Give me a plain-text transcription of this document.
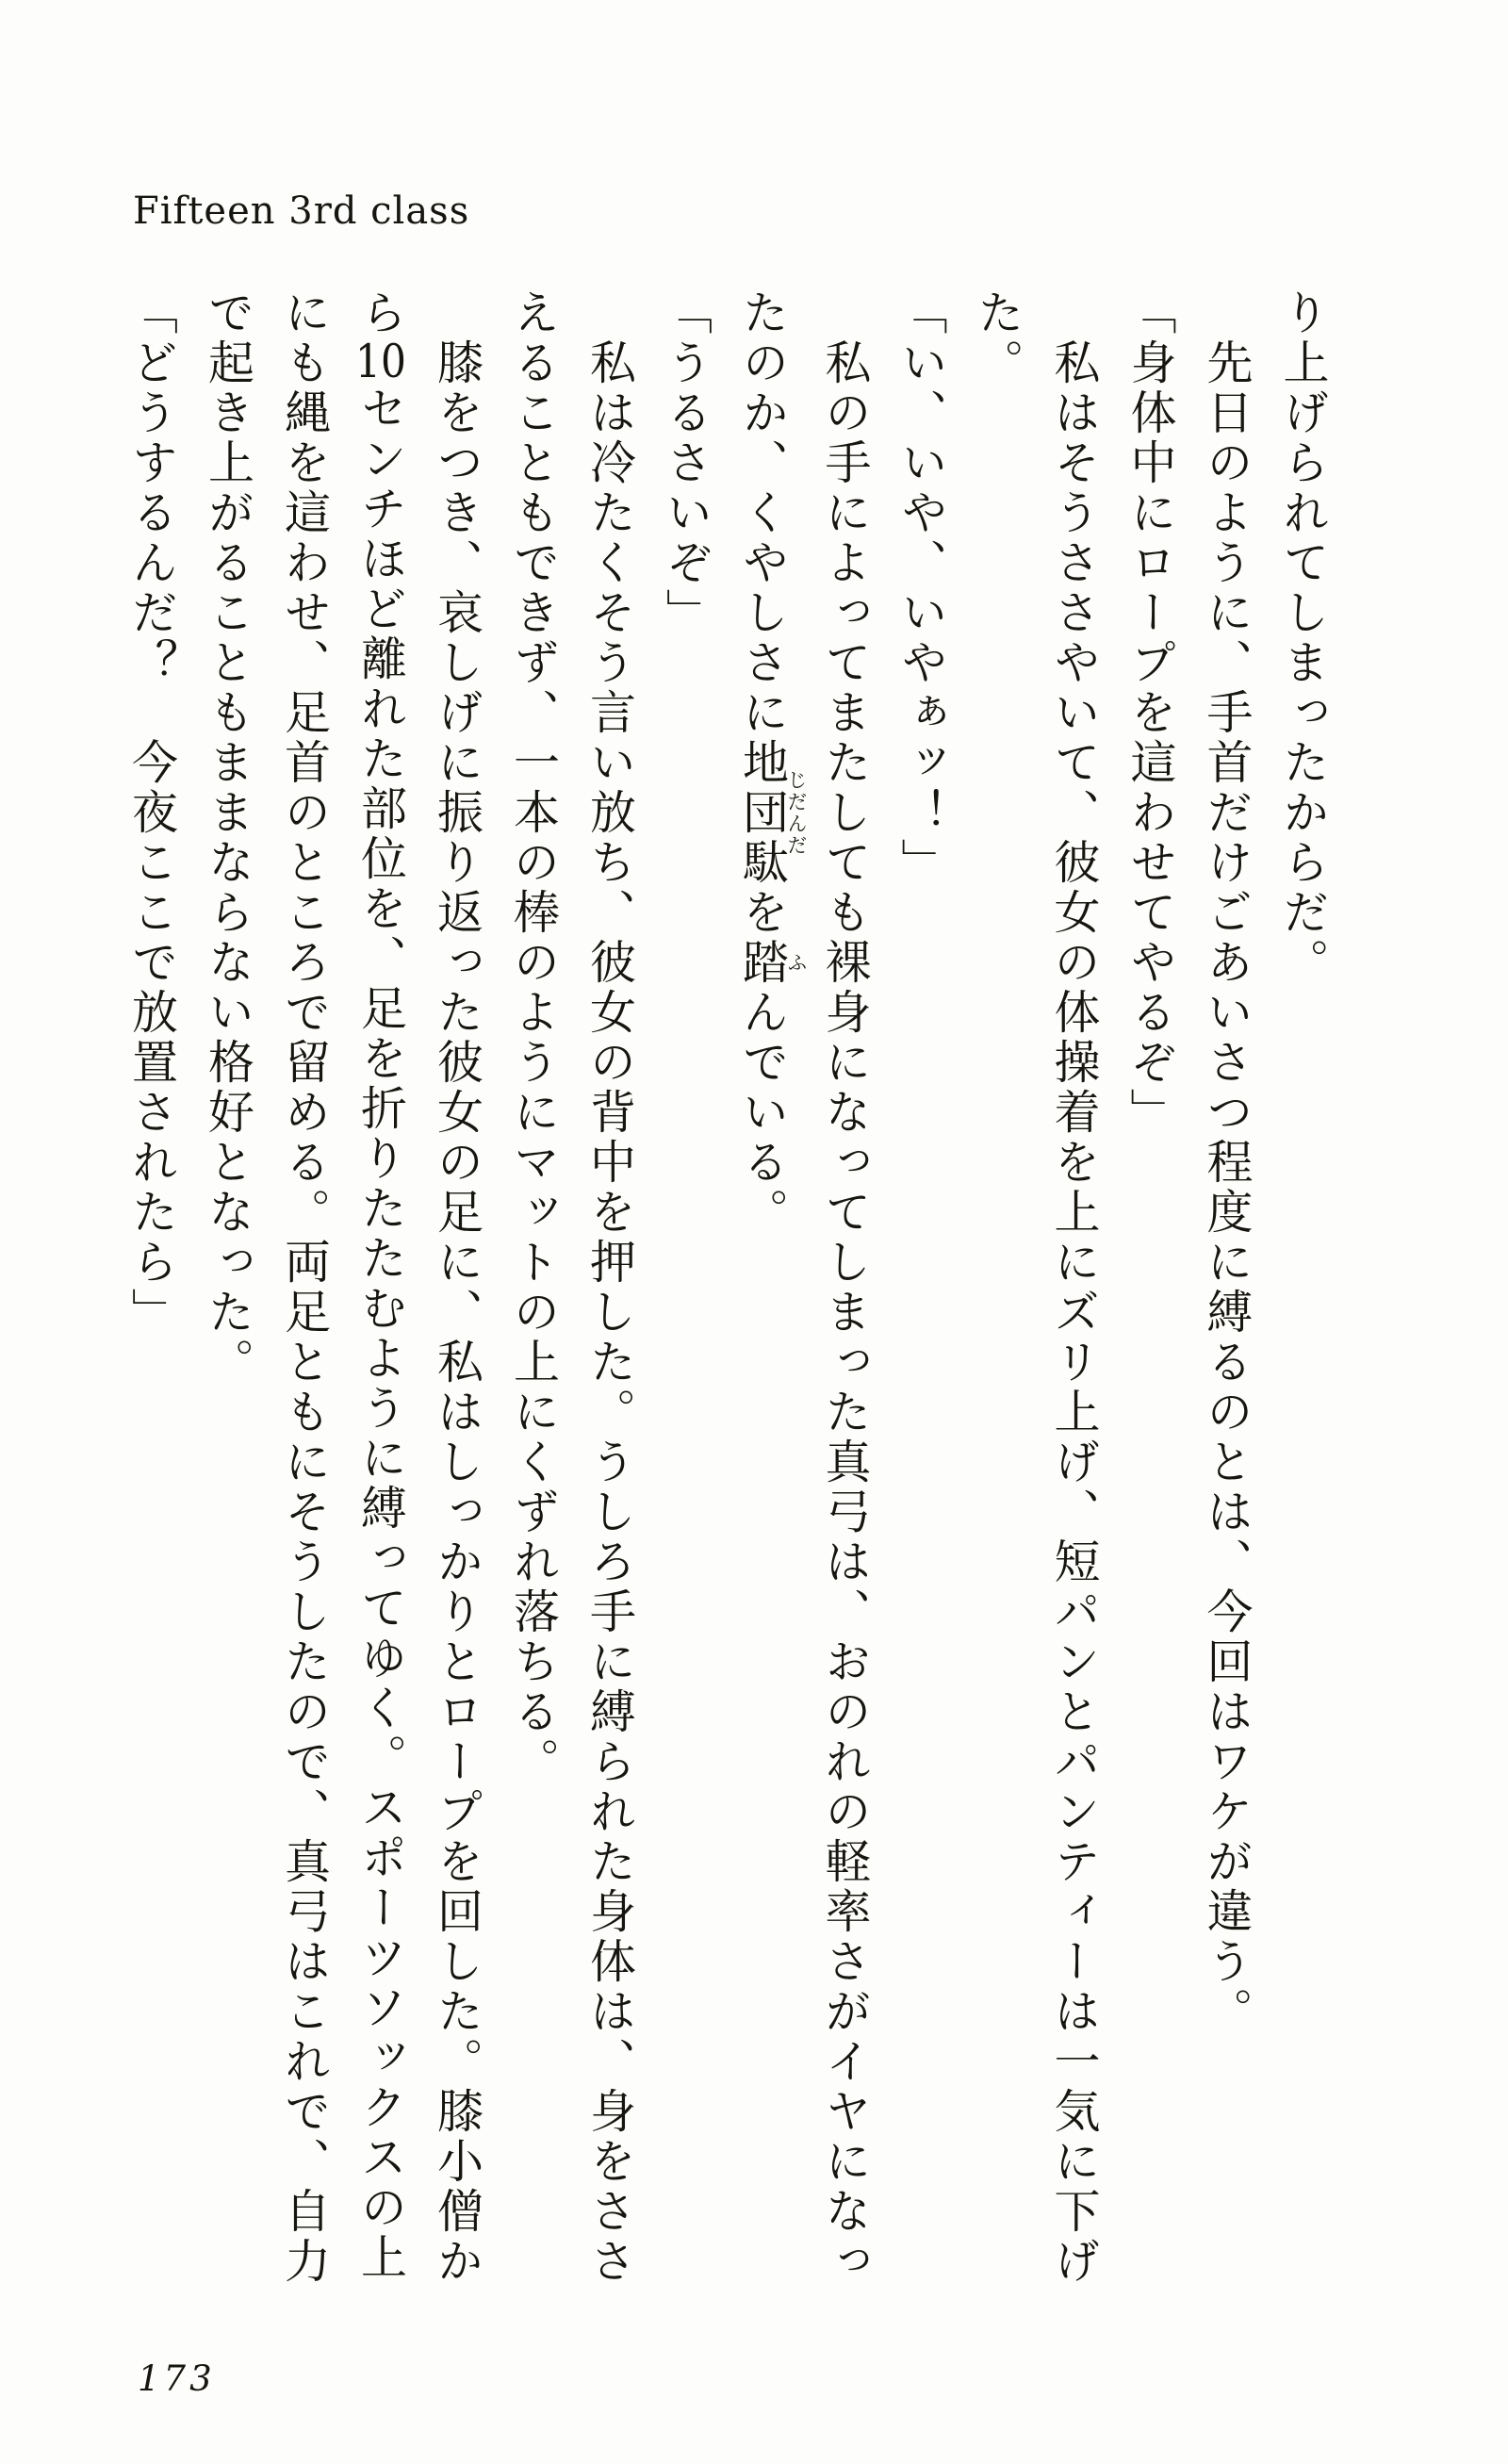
Fifteen 3rd class
り上げられてしまったからだ。
　先日のように、手首だけごあいさつ程度に縛るのとは、今回はワケが違う。
「身体中にロープを這わせてやるぞ」
　私はそうささやいて、彼女の体操着を上にズリ上げ、短パンとパンティーは一気に下げ
た。
「い、いや、いやぁッ！」
　私の手によってまたしても裸身になってしまった真弓は、おのれの軽率さがイヤになっ
たのか、くやしさに地団駄じだんだを踏ふんでいる。
「うるさいぞ」
　私は冷たくそう言い放ち、彼女の背中を押した。うしろ手に縛られた身体は、身をささ
えることもできず、一本の棒のようにマットの上にくずれ落ちる。
　膝をつき、哀しげに振り返った彼女の足に、私はしっかりとロープを回した。膝小僧か
ら10センチほど離れた部位を、足を折りたたむように縛ってゆく。スポーツソックスの上
にも縄を這わせ、足首のところで留める。両足ともにそうしたので、真弓はこれで、自力
で起き上がることもままならない格好となった。
「どうするんだ？　今夜ここで放置されたら」
173
